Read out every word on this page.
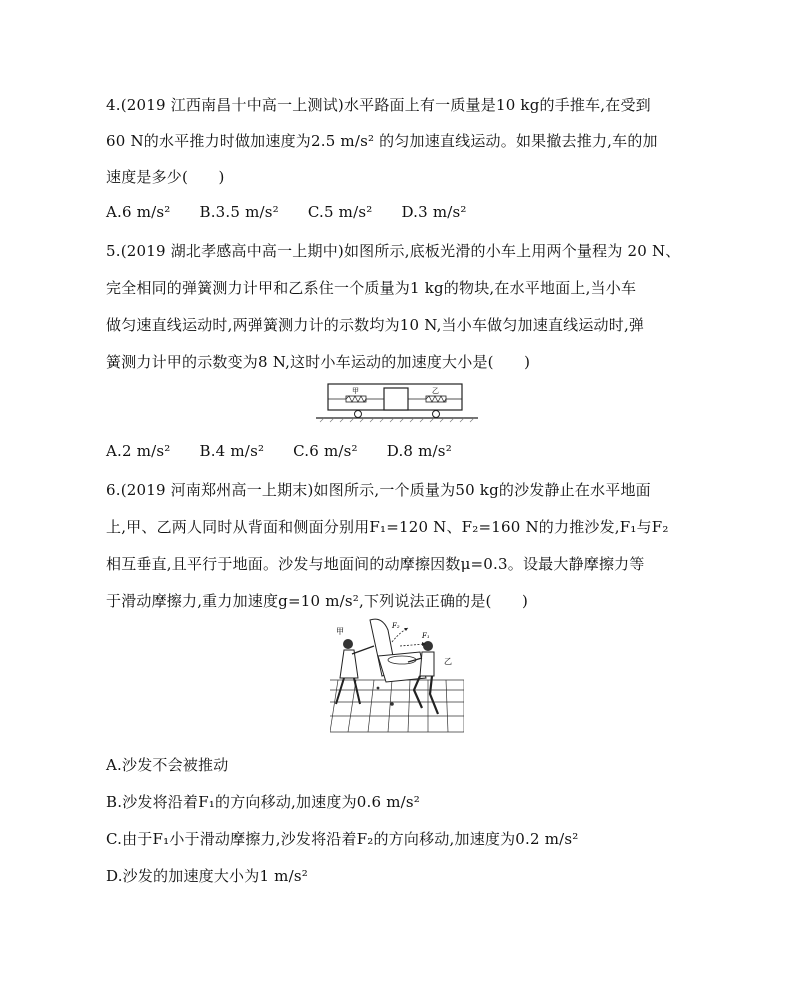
4.(2019 江西南昌十中高一上测试)水平路面上有一质量是10 kg的手推车,在受到
60 N的水平推力时做加速度为2.5 m/s² 的匀加速直线运动。如果撤去推力,车的加
速度是多少(　　)
A.6 m/s² B.3.5 m/s² C.5 m/s² D.3 m/s²
5.(2019 湖北孝感高中高一上期中)如图所示,底板光滑的小车上用两个量程为 20 N、
完全相同的弹簧测力计甲和乙系住一个质量为1 kg的物块,在水平地面上,当小车
做匀速直线运动时,两弹簧测力计的示数均为10 N,当小车做匀加速直线运动时,弹
簧测力计甲的示数变为8 N,这时小车运动的加速度大小是(　　)
甲	乙
A.2 m/s² B.4 m/s² C.6 m/s² D.8 m/s²
6.(2019 河南郑州高一上期末)如图所示,一个质量为50 kg的沙发静止在水平地面
上,甲、乙两人同时从背面和侧面分别用F₁=120 N、F₂=160 N的力推沙发,F₁与F₂
相互垂直,且平行于地面。沙发与地面间的动摩擦因数μ=0.3。设最大静摩擦力等
于滑动摩擦力,重力加速度g=10 m/s²,下列说法正确的是(　　)
甲
乙
F₂
F₁
A.沙发不会被推动
B.沙发将沿着F₁的方向移动,加速度为0.6 m/s²
C.由于F₁小于滑动摩擦力,沙发将沿着F₂的方向移动,加速度为0.2 m/s²
D.沙发的加速度大小为1 m/s²
